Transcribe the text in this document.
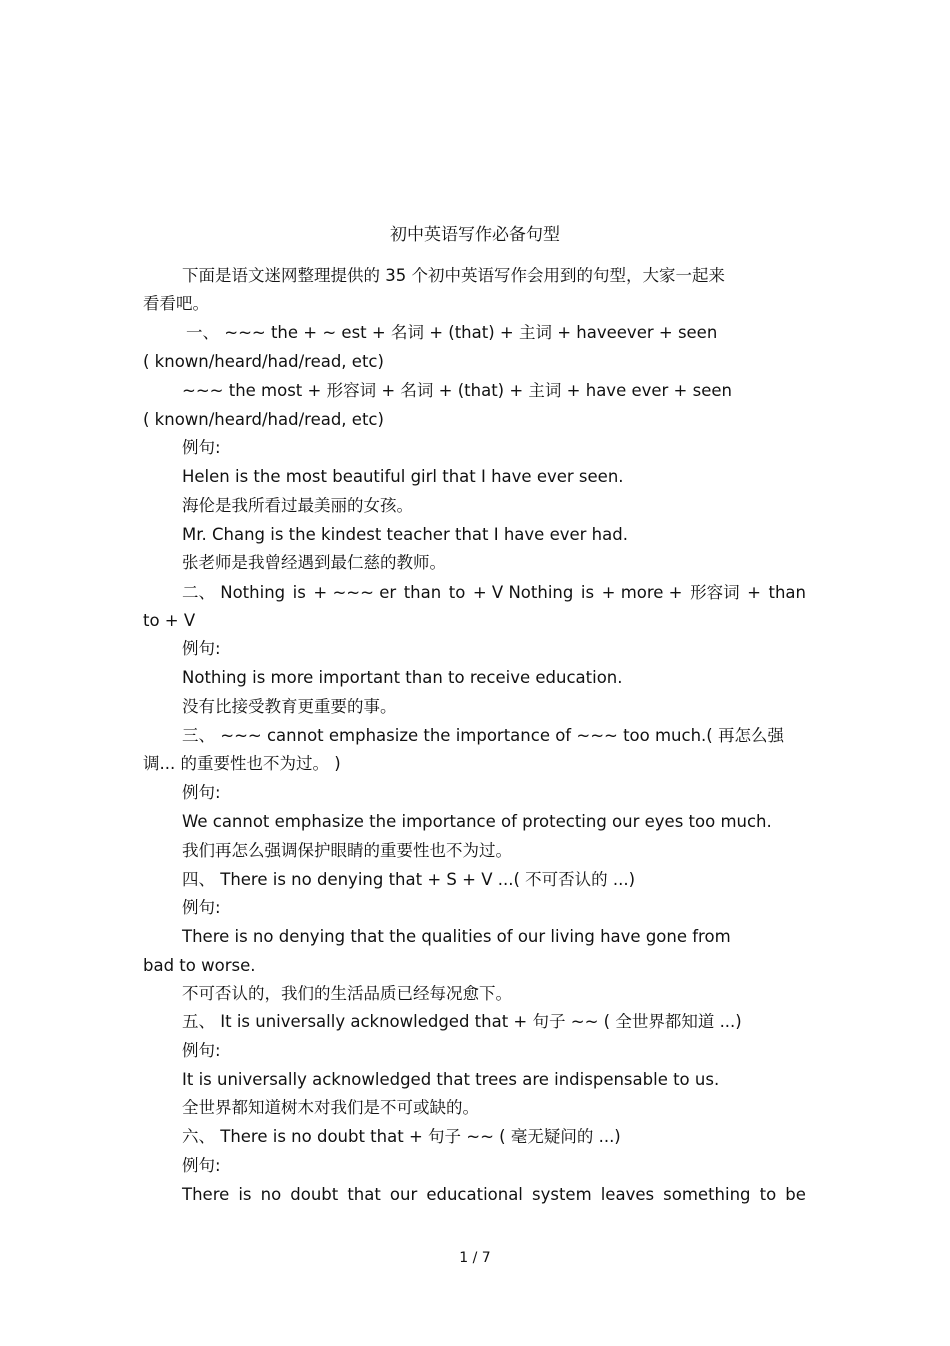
初中英语写作必备句型
下面是语文迷网整理提供的 35 个初中英语写作会用到的句型，大家一起来
看看吧。
一、 ~~~ the + ~ est + 名词 + (that) + 主词 + haveever + seen
( known/heard/had/read, etc)
~~~ the most + 形容词 + 名词 + (that) + 主词 + have ever + seen
( known/heard/had/read, etc)
例句:
Helen is the most beautiful girl that I have ever seen.
海伦是我所看过最美丽的女孩。
Mr. Chang is the kindest teacher that I have ever had.
张老师是我曾经遇到最仁慈的教师。
二、 Nothing is + ~~~ er than to + V Nothing is + more + 形容词 + than
to + V
例句:
Nothing is more important than to receive education.
没有比接受教育更重要的事。
三、 ~~~ cannot emphasize the importance of ~~~ too much.( 再怎么强
调... 的重要性也不为过。 )
例句:
We cannot emphasize the importance of protecting our eyes too much.
我们再怎么强调保护眼睛的重要性也不为过。
四、 There is no denying that + S + V ...( 不可否认的 ...)
例句:
There is no denying that the qualities of our living have gone from
bad to worse.
不可否认的，我们的生活品质已经每况愈下。
五、 It is universally acknowledged that + 句子 ~~ ( 全世界都知道 ...)
例句:
It is universally acknowledged that trees are indispensable to us.
全世界都知道树木对我们是不可或缺的。
六、 There is no doubt that + 句子 ~~ ( 毫无疑问的 ...)
例句:
There is no doubt that our educational system leaves something to be
1 / 7
